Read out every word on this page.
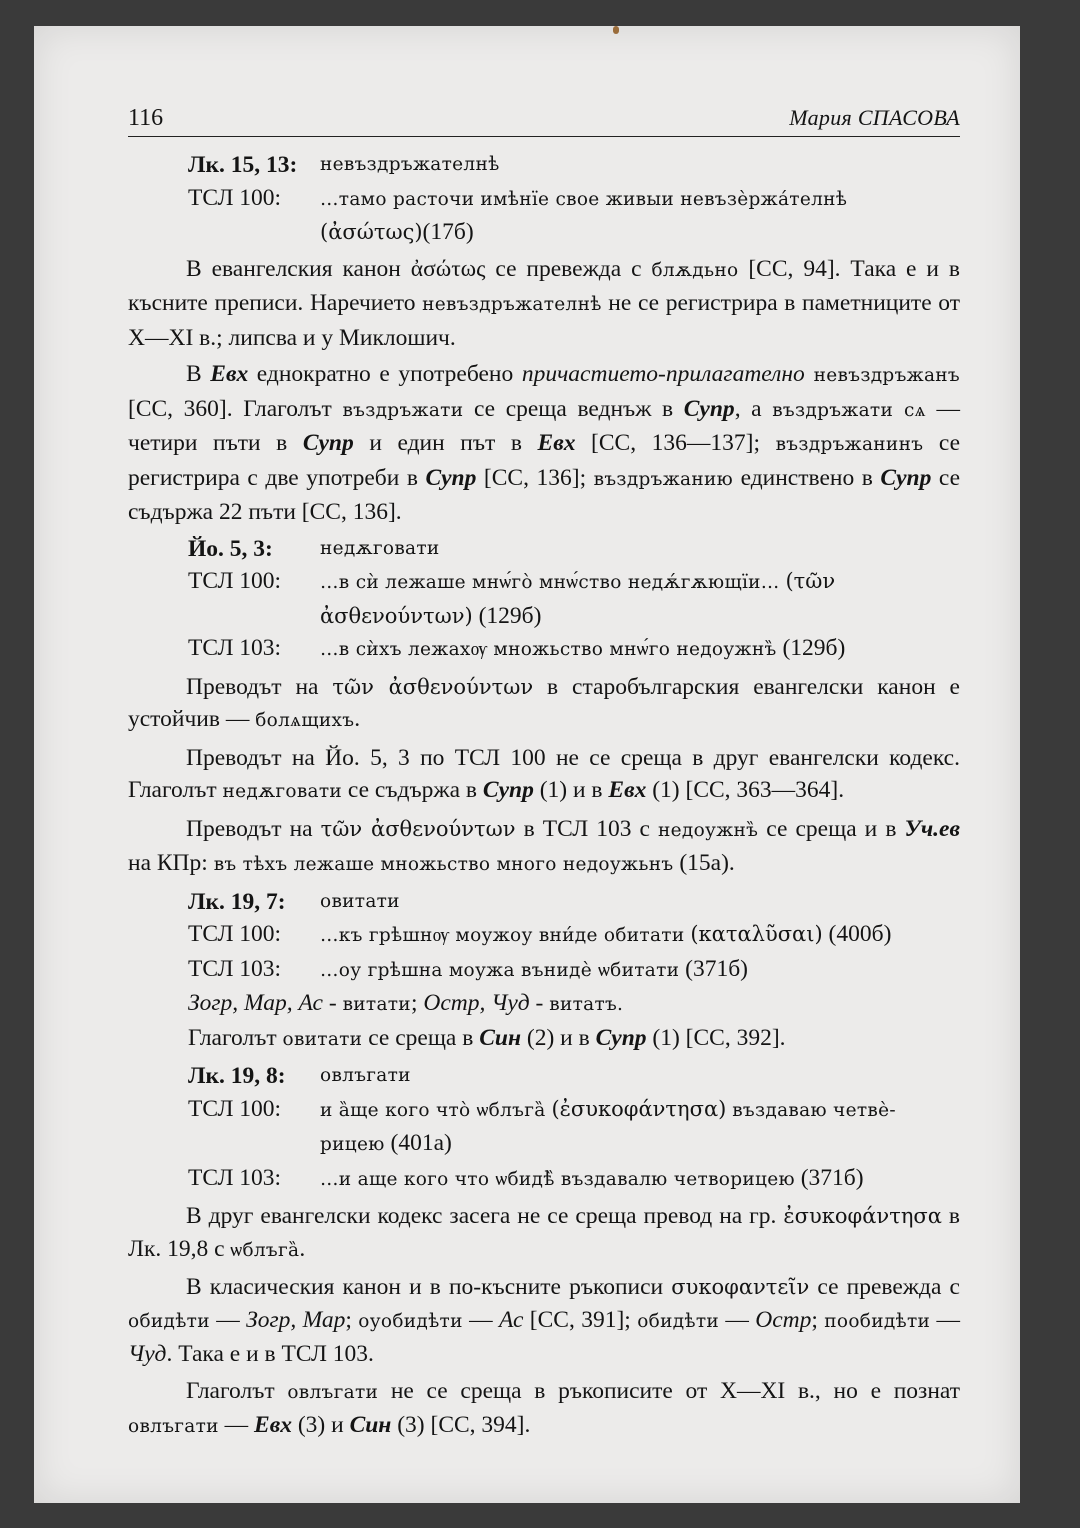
116	Мария СПАСОВА
Лк. 15, 13:	невъздръжателнѣ
ТСЛ 100:	…тамо расточи имѣнїе свое живыи невъзѐржа́телнѣ
(ἀσώτως)(17б)

В евангелския канон ἀσώτως се превежда с блѫдьно [СС, 94]. Така е и в късните преписи. Наречието невъздръжателнѣ не се регистрира в паметниците от X—XI в.; липсва и у Миклошич.

В Евх еднократно е употребено причастието-прилагателно невъздръжанъ [СС, 360]. Глаголът въздръжати се среща веднъж в Супр, а въздръжати сѧ — четири пъти в Супр и един път в Евх [СС, 136—137]; въздръжанинъ се регистрира с две употреби в Супр [СС, 136]; въздръжанию единствено в Супр се съдържа 22 пъти [СС, 136].

Йо. 5, 3:	недѫговати
ТСЛ 100:	…в сѝ лежаше мнѡ́го̀ мнѡ́ство недѫ́гѫющїи… (τῶν ἀσθενούντων) (129б)
ТСЛ 103:	…в сѝхъ лежахѹ множьство мнѡ́го недоужнъ̏ (129б)

Преводът на τῶν ἀσθενούντων в старобългарския евангелски канон е устойчив — болѧщихъ.

Преводът на Йо. 5, 3 по ТСЛ 100 не се среща в друг евангелски кодекс. Глаголът недѫговати се съдържа в Супр (1) и в Евх (1) [СС, 363—364].

Преводът на τῶν ἀσθενούντων в ТСЛ 103 с недоужнъ̏ се среща и в Уч.ев на КПр: въ тѣхъ лежаше множьство много недоужьнъ (15а).

Лк. 19, 7:	овитати
ТСЛ 100:	…къ грѣшнѹ моужоу вни́де обитати (καταλῦσαι) (400б)
ТСЛ 103:	…оу грѣшна моужа вънидѐ ѡбитати (371б)
Зогр, Мар, Ас - витати; Остр, Чуд - витатъ.
Глаголът овитати се среща в Син (2) и в Супр (1) [СС, 392].
Лк. 19, 8:	овлъгати
ТСЛ 100:	и а̏ще кого что̀ ѡблъга̏ (ἐσυκοφάντησα) въздаваю четвѐ-
рицею (401а)
ТСЛ 103:	…и аще кого что ѡбидѣ̏ въздавалю четворицею (371б)

В друг евангелски кодекс засега не се среща превод на гр. ἐσυκοφάντησα в Лк. 19,8 с ѡблъга̏.

В класическия канон и в по-късните ръкописи συκοφαντεῖν се превежда с обидѣти — Зогр, Мар; оуобидѣти — Ас [СС, 391]; обидѣти — Остр; пообидѣти — Чуд. Така е и в ТСЛ 103.

Глаголът овлъгати не се среща в ръкописите от X—XI в., но е познат овлъгати — Евх (3) и Син (3) [СС, 394].
